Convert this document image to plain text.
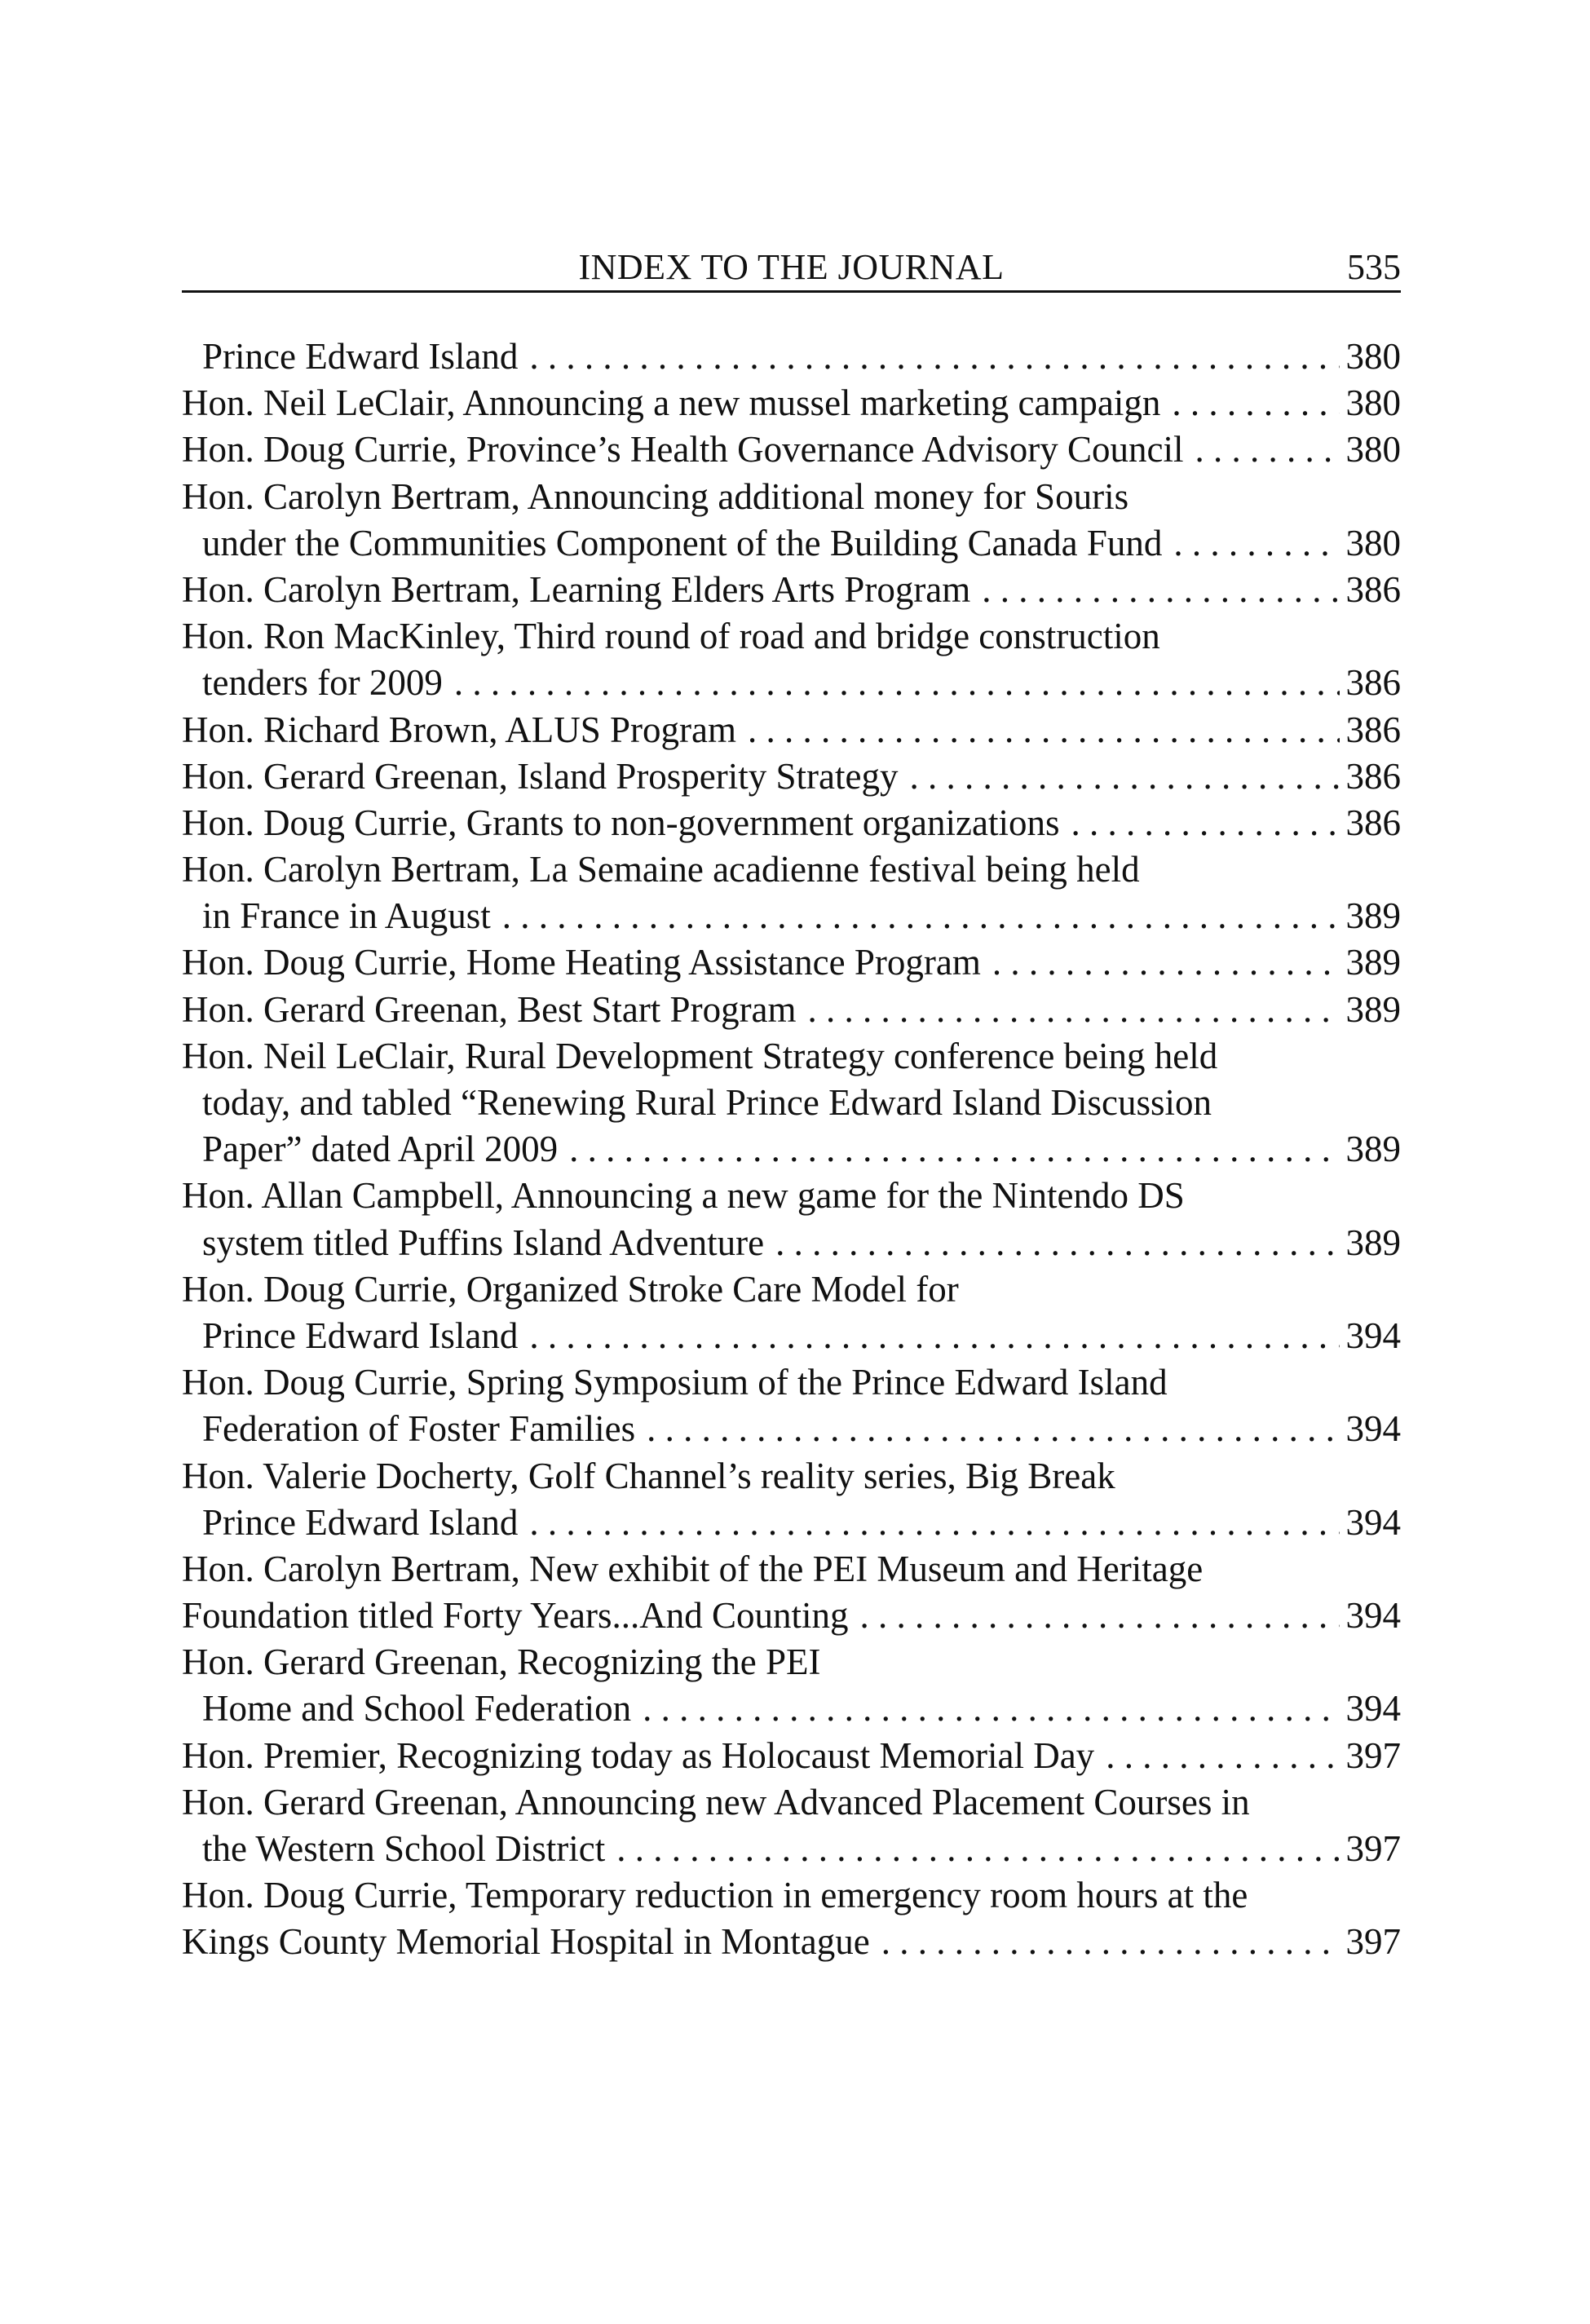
INDEX TO THE JOURNAL	535
Prince Edward Island . . .	380
Hon. Neil LeClair, Announcing a new mussel marketing campaign . . .	380
Hon. Doug Currie, Province’s Health Governance Advisory Council . . .	380
Hon. Carolyn Bertram, Announcing additional money for Souris
under the Communities Component of the Building Canada Fund . . .	380
Hon. Carolyn Bertram, Learning Elders Arts Program . . .	386
Hon. Ron MacKinley, Third round of road and bridge construction
tenders for 2009 . . .	386
Hon. Richard Brown, ALUS Program . . .	386
Hon. Gerard Greenan, Island Prosperity Strategy . . .	386
Hon. Doug Currie, Grants to non-government organizations . . .	386
Hon. Carolyn Bertram, La Semaine acadienne festival being held
in France in August . . .	389
Hon. Doug Currie, Home Heating Assistance Program . . .	389
Hon. Gerard Greenan, Best Start Program . . .	389
Hon. Neil LeClair, Rural Development Strategy conference being held
today, and tabled “Renewing Rural Prince Edward Island Discussion
Paper” dated April 2009 . . .	389
Hon. Allan Campbell, Announcing a new game for the Nintendo DS
system titled Puffins Island Adventure . . .	389
Hon. Doug Currie, Organized Stroke Care Model for
Prince Edward Island . . .	394
Hon. Doug Currie, Spring Symposium of the Prince Edward Island
Federation of Foster Families . . .	394
Hon. Valerie Docherty, Golf Channel’s reality series, Big Break
Prince Edward Island . . .	394
Hon. Carolyn Bertram, New exhibit of the PEI Museum and Heritage
Foundation titled Forty Years...And Counting . . .	394
Hon. Gerard Greenan, Recognizing the PEI
Home and School Federation . . .	394
Hon. Premier, Recognizing today as Holocaust Memorial Day . . .	397
Hon. Gerard Greenan, Announcing new Advanced Placement Courses in
the Western School District . . .	397
Hon. Doug Currie, Temporary reduction in emergency room hours at the
Kings County Memorial Hospital in Montague . . .	397
